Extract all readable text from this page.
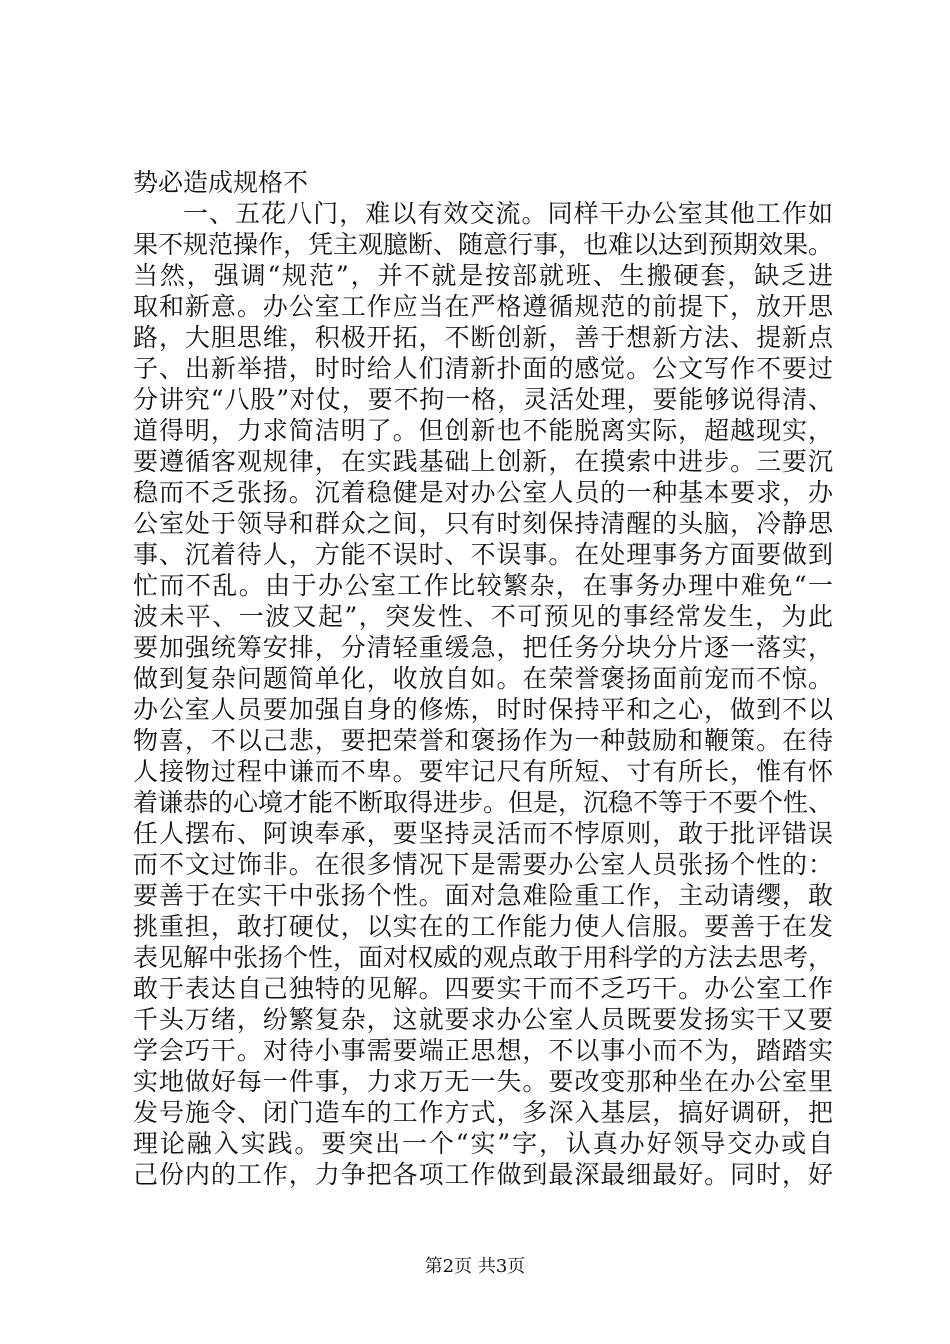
势必造成规格不
一、五花八门，难以有效交流。同样干办公室其他工作如
果不规范操作，凭主观臆断、随意行事，也难以达到预期效果。
当然，强调“规范”，并不就是按部就班、生搬硬套，缺乏进
取和新意。办公室工作应当在严格遵循规范的前提下，放开思
路，大胆思维，积极开拓，不断创新，善于想新方法、提新点
子、出新举措，时时给人们清新扑面的感觉。公文写作不要过
分讲究“八股”对仗，要不拘一格，灵活处理，要能够说得清、
道得明，力求简洁明了。但创新也不能脱离实际，超越现实，
要遵循客观规律，在实践基础上创新，在摸索中进步。三要沉
稳而不乏张扬。沉着稳健是对办公室人员的一种基本要求，办
公室处于领导和群众之间，只有时刻保持清醒的头脑，冷静思
事、沉着待人，方能不误时、不误事。在处理事务方面要做到
忙而不乱。由于办公室工作比较繁杂，在事务办理中难免“一
波未平、一波又起”，突发性、不可预见的事经常发生，为此
要加强统筹安排，分清轻重缓急，把任务分块分片逐一落实，
做到复杂问题简单化，收放自如。在荣誉褒扬面前宠而不惊。
办公室人员要加强自身的修炼，时时保持平和之心，做到不以
物喜，不以己悲，要把荣誉和褒扬作为一种鼓励和鞭策。在待
人接物过程中谦而不卑。要牢记尺有所短、寸有所长，惟有怀
着谦恭的心境才能不断取得进步。但是，沉稳不等于不要个性、
任人摆布、阿谀奉承，要坚持灵活而不悖原则，敢于批评错误
而不文过饰非。在很多情况下是需要办公室人员张扬个性的：
要善于在实干中张扬个性。面对急难险重工作，主动请缨，敢
挑重担，敢打硬仗，以实在的工作能力使人信服。要善于在发
表见解中张扬个性，面对权威的观点敢于用科学的方法去思考，
敢于表达自己独特的见解。四要实干而不乏巧干。办公室工作
千头万绪，纷繁复杂，这就要求办公室人员既要发扬实干又要
学会巧干。对待小事需要端正思想，不以事小而不为，踏踏实
实地做好每一件事，力求万无一失。要改变那种坐在办公室里
发号施令、闭门造车的工作方式，多深入基层，搞好调研，把
理论融入实践。要突出一个“实”字，认真办好领导交办或自
己份内的工作，力争把各项工作做到最深最细最好。同时，好
第2页 共3页
